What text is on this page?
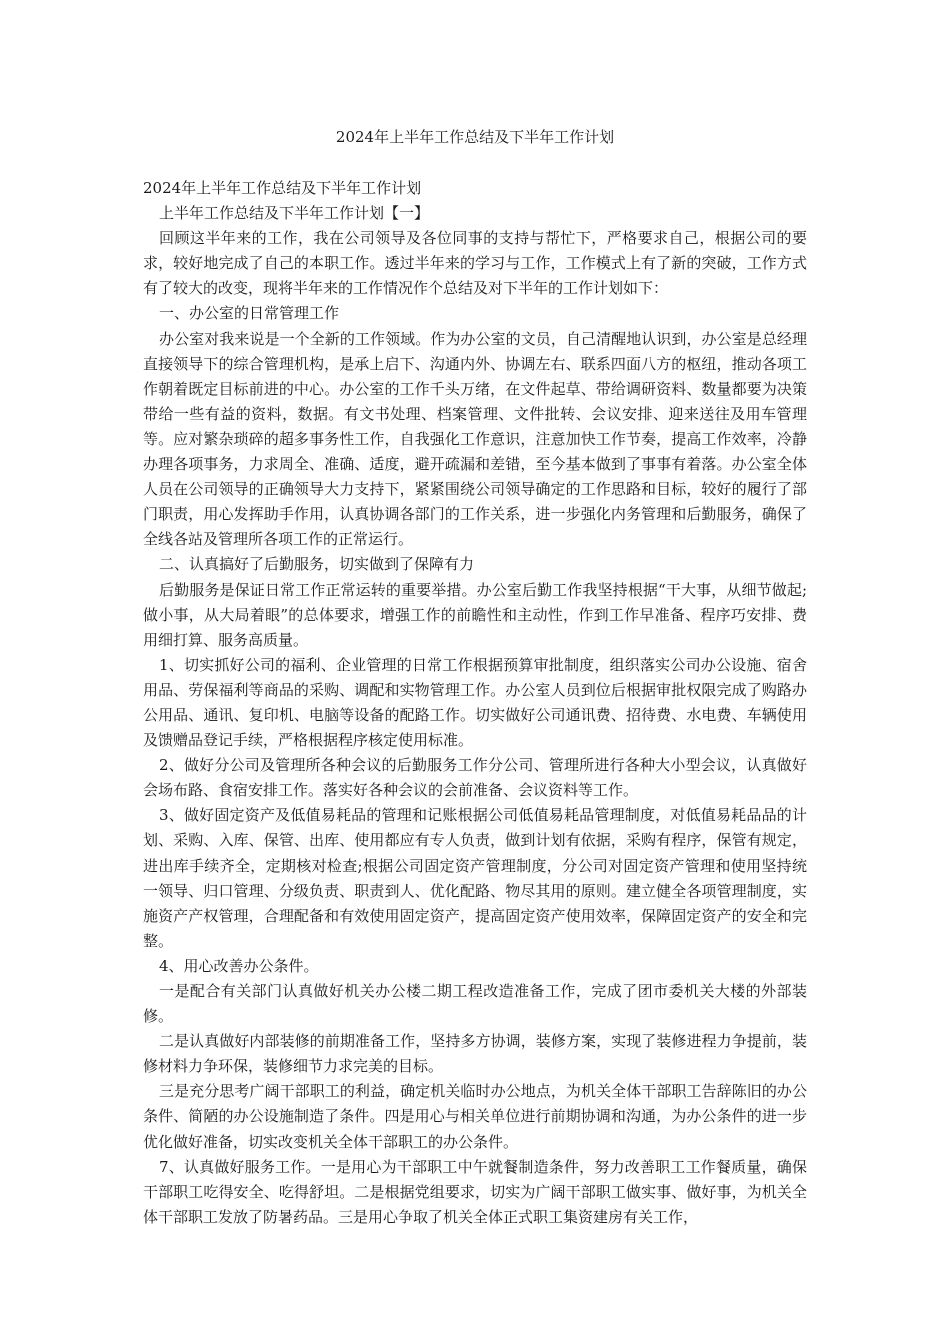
2024年上半年工作总结及下半年工作计划

2024年上半年工作总结及下半年工作计划

上半年工作总结及下半年工作计划【一】

回顾这半年来的工作，我在公司领导及各位同事的支持与帮忙下，严格要求自己，根据公司的要求，较好地完成了自己的本职工作。透过半年来的学习与工作，工作模式上有了新的突破，工作方式有了较大的改变，现将半年来的工作情况作个总结及对下半年的工作计划如下：

一、办公室的日常管理工作

办公室对我来说是一个全新的工作领域。作为办公室的文员，自己清醒地认识到，办公室是总经理直接领导下的综合管理机构，是承上启下、沟通内外、协调左右、联系四面八方的枢纽，推动各项工作朝着既定目标前进的中心。办公室的工作千头万绪，在文件起草、带给调研资料、数量都要为决策带给一些有益的资料，数据。有文书处理、档案管理、文件批转、会议安排、迎来送往及用车管理等。应对繁杂琐碎的超多事务性工作，自我强化工作意识，注意加快工作节奏，提高工作效率，冷静办理各项事务，力求周全、准确、适度，避开疏漏和差错，至今基本做到了事事有着落。办公室全体人员在公司领导的正确领导大力支持下，紧紧围绕公司领导确定的工作思路和目标，较好的履行了部门职责，用心发挥助手作用，认真协调各部门的工作关系，进一步强化内务管理和后勤服务，确保了全线各站及管理所各项工作的正常运行。

二、认真搞好了后勤服务，切实做到了保障有力

后勤服务是保证日常工作正常运转的重要举措。办公室后勤工作我坚持根据“干大事，从细节做起;做小事，从大局着眼”的总体要求，增强工作的前瞻性和主动性，作到工作早准备、程序巧安排、费用细打算、服务高质量。

1、切实抓好公司的福利、企业管理的日常工作根据预算审批制度，组织落实公司办公设施、宿舍用品、劳保福利等商品的采购、调配和实物管理工作。办公室人员到位后根据审批权限完成了购路办公用品、通讯、复印机、电脑等设备的配路工作。切实做好公司通讯费、招待费、水电费、车辆使用及馈赠品登记手续，严格根据程序核定使用标准。

2、做好分公司及管理所各种会议的后勤服务工作分公司、管理所进行各种大小型会议，认真做好会场布路、食宿安排工作。落实好各种会议的会前准备、会议资料等工作。

3、做好固定资产及低值易耗品的管理和记账根据公司低值易耗品管理制度，对低值易耗品品的计划、采购、入库、保管、出库、使用都应有专人负责，做到计划有依据，采购有程序，保管有规定，进出库手续齐全，定期核对检查;根据公司固定资产管理制度，分公司对固定资产管理和使用坚持统一领导、归口管理、分级负责、职责到人、优化配路、物尽其用的原则。建立健全各项管理制度，实施资产产权管理，合理配备和有效使用固定资产，提高固定资产使用效率，保障固定资产的安全和完整。

4、用心改善办公条件。

一是配合有关部门认真做好机关办公楼二期工程改造准备工作，完成了团市委机关大楼的外部装修。

二是认真做好内部装修的前期准备工作，坚持多方协调，装修方案，实现了装修进程力争提前，装修材料力争环保，装修细节力求完美的目标。

三是充分思考广阔干部职工的利益，确定机关临时办公地点，为机关全体干部职工告辞陈旧的办公条件、简陋的办公设施制造了条件。四是用心与相关单位进行前期协调和沟通，为办公条件的进一步优化做好准备，切实改变机关全体干部职工的办公条件。

7、认真做好服务工作。一是用心为干部职工中午就餐制造条件，努力改善职工工作餐质量，确保干部职工吃得安全、吃得舒坦。二是根据党组要求，切实为广阔干部职工做实事、做好事，为机关全体干部职工发放了防暑药品。三是用心争取了机关全体正式职工集资建房有关工作，
